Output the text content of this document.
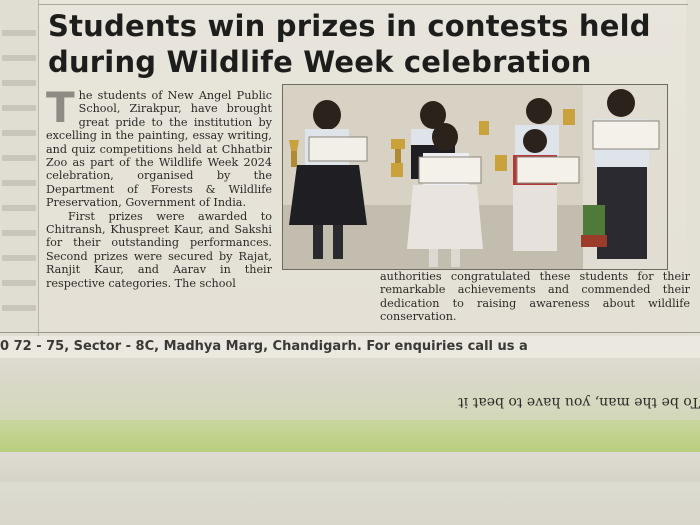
Students win prizes in contests held
during Wildlife Week celebration

The students of New Angel Public School, Zirakpur, have brought great pride to the institution by excelling in the painting, essay writing, and quiz competitions held at Chhatbir Zoo as part of the Wildlife Week 2024 celebration, organised by the Department of Forests & Wildlife Preservation, Government of India.

First prizes were awarded to Chitransh, Khuspreet Kaur, and Sakshi for their outstanding performances. Second prizes were secured by Rajat, Ranjit Kaur, and Aarav in their respective categories. The school

authorities congratulated these students for their remarkable achievements and commended their dedication to raising awareness about wildlife conservation.

0 72 - 75, Sector - 8C, Madhya Marg, Chandigarh. For enquiries call us a
To be the man, you have to beat it
